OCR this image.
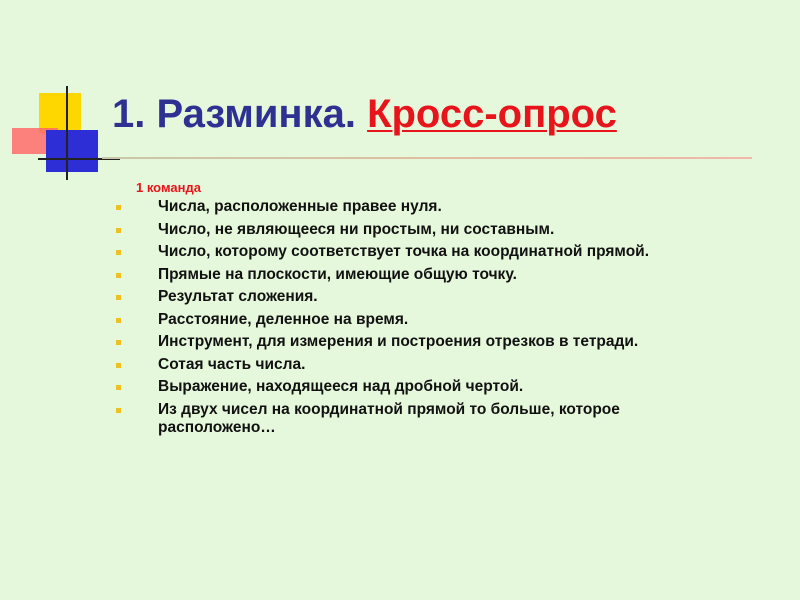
1. Разминка. Кросс-опрос
1 команда
Числа, расположенные правее нуля.
Число, не являющееся ни простым, ни составным.
Число, которому соответствует точка на координатной прямой.
Прямые на плоскости, имеющие общую точку.
Результат сложения.
Расстояние, деленное на время.
Инструмент, для измерения и построения отрезков в тетради.
Сотая часть числа.
Выражение, находящееся над дробной чертой.
Из двух чисел на координатной прямой то больше, которое расположено…
